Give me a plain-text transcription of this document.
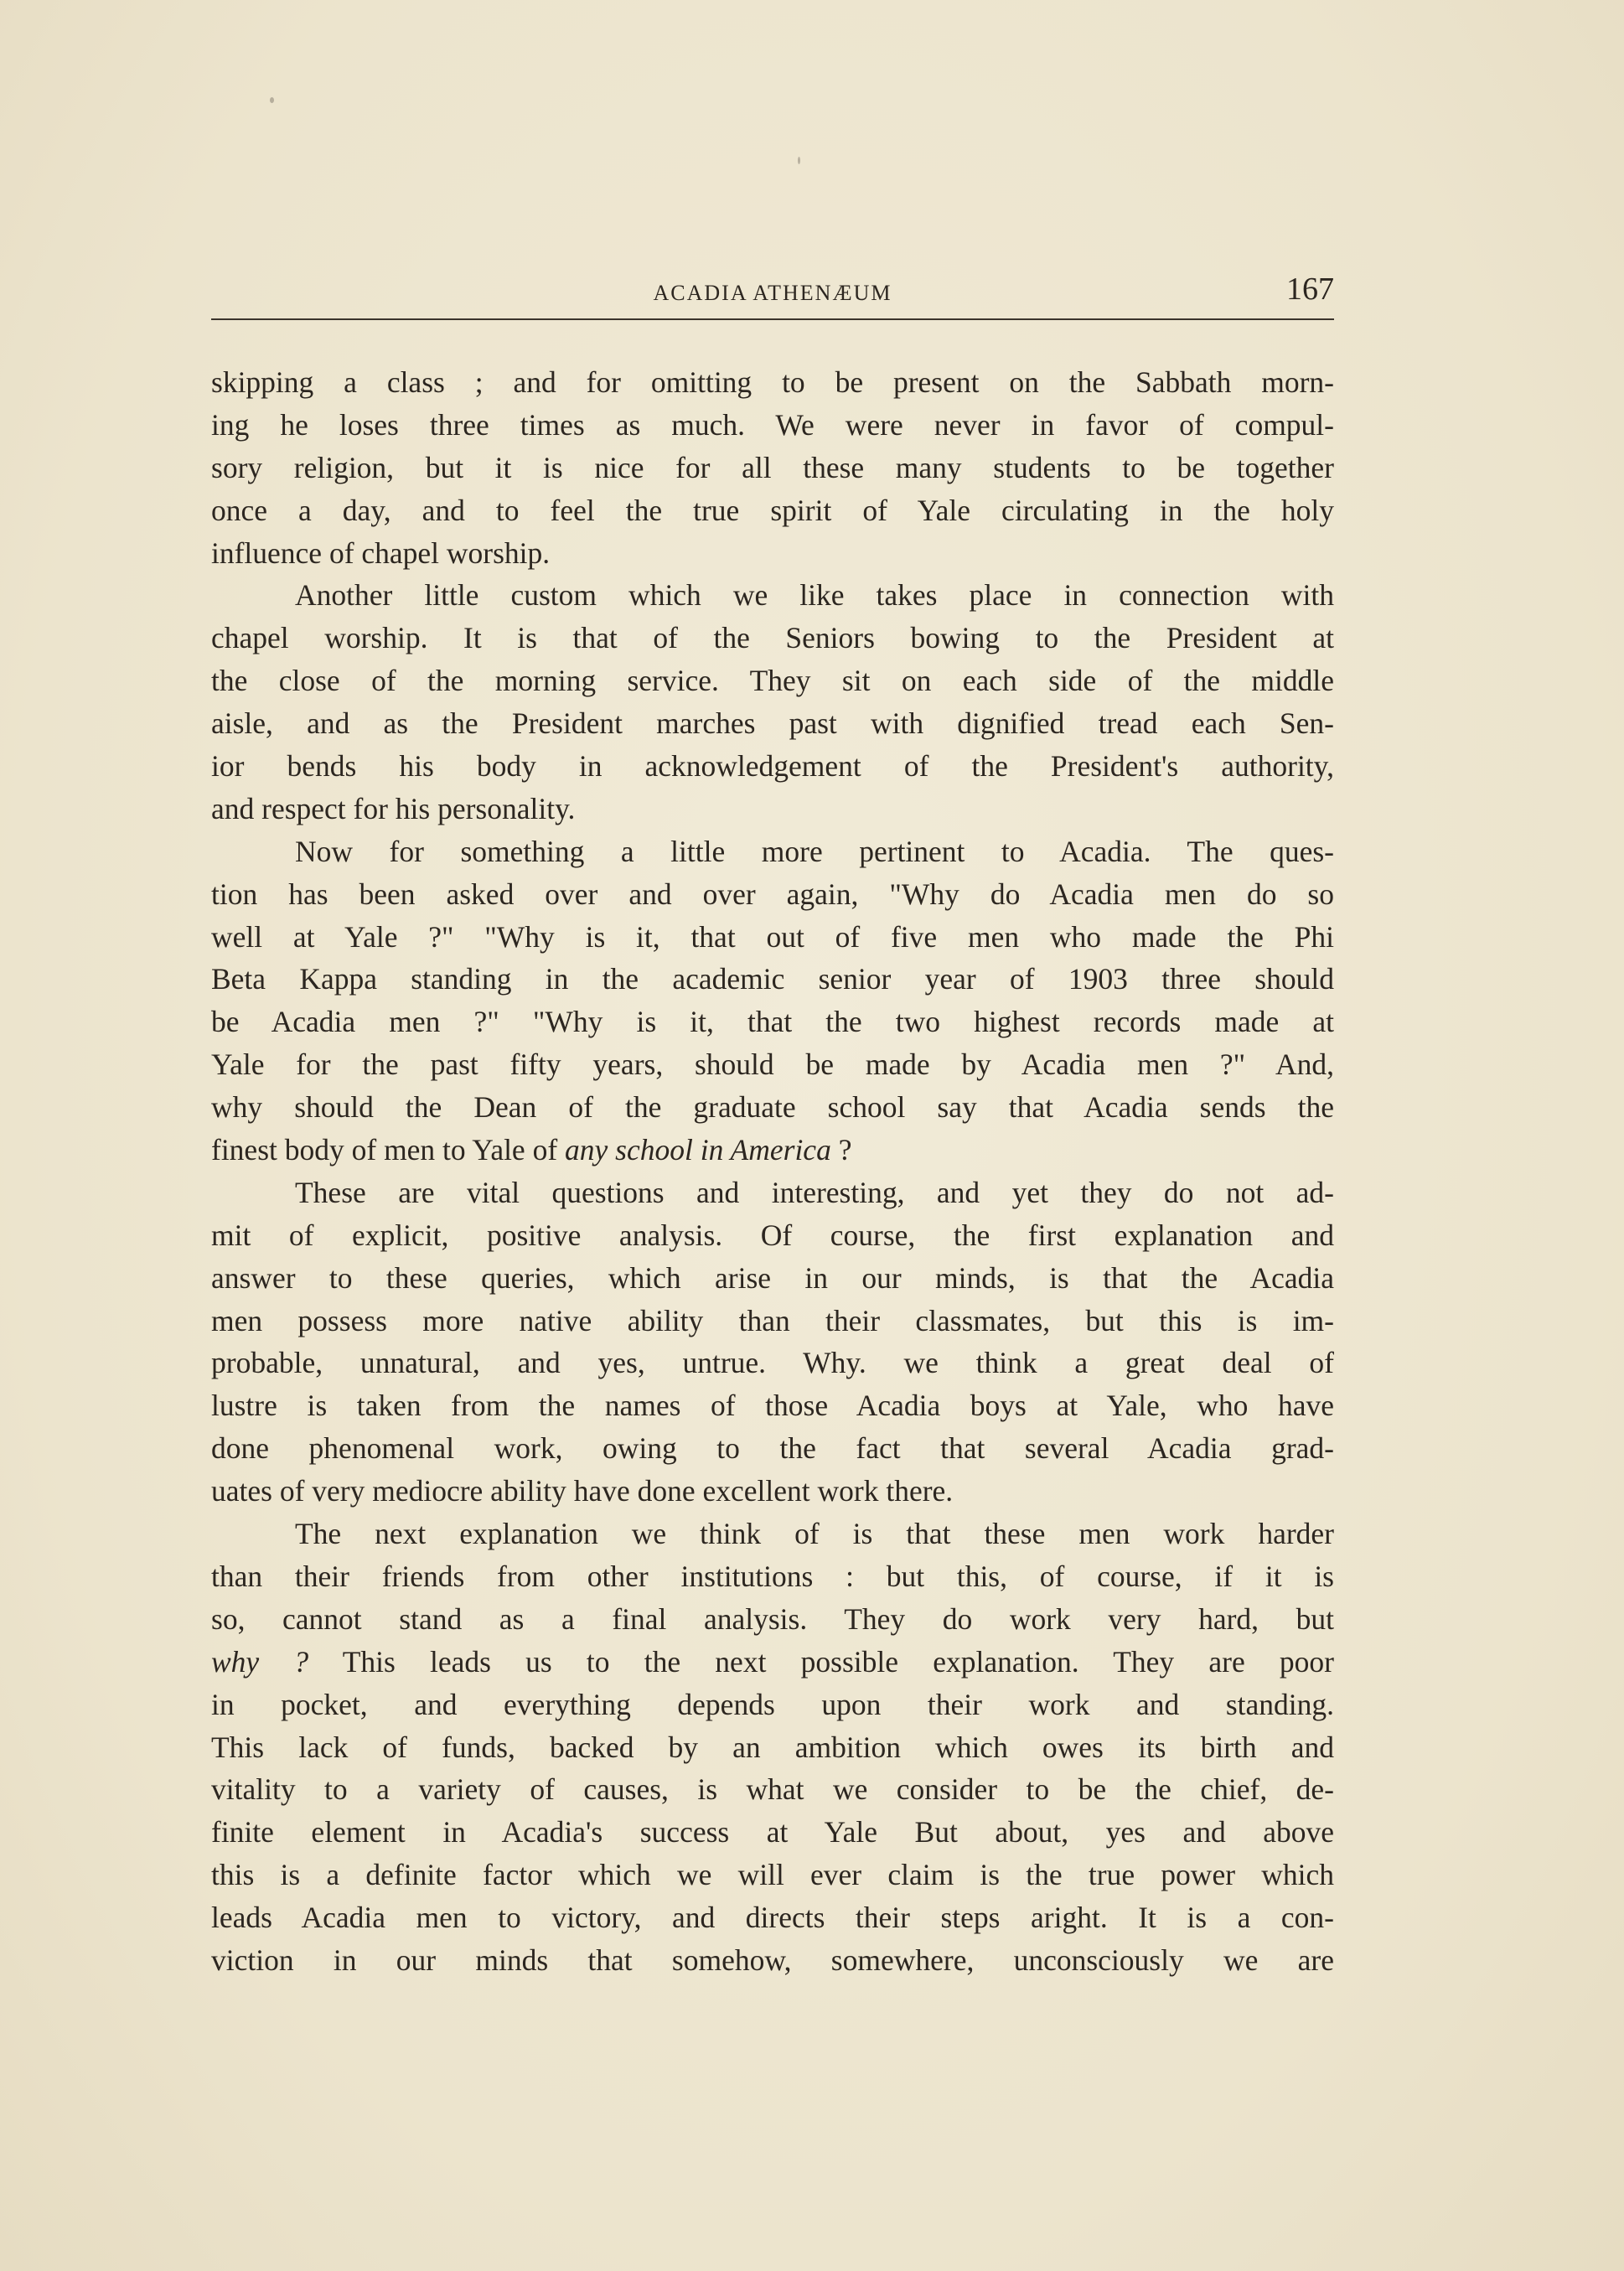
ACADIA ATHENÆUM	167
skipping a class ; and for omitting to be present on the Sabbath morn-
ing he loses three times as much. We were never in favor of compul-
sory religion, but it is nice for all these many students to be together
once a day, and to feel the true spirit of Yale circulating in the holy
influence of chapel worship.
Another little custom which we like takes place in connection with
chapel worship. It is that of the Seniors bowing to the President at
the close of the morning service. They sit on each side of the middle
aisle, and as the President marches past with dignified tread each Sen-
ior bends his body in acknowledgement of the President's authority,
and respect for his personality.
Now for something a little more pertinent to Acadia. The ques-
tion has been asked over and over again, "Why do Acadia men do so
well at Yale ?" "Why is it, that out of five men who made the Phi
Beta Kappa standing in the academic senior year of 1903 three should
be Acadia men ?" "Why is it, that the two highest records made at
Yale for the past fifty years, should be made by Acadia men ?" And,
why should the Dean of the graduate school say that Acadia sends the
finest body of men to Yale of any school in America ?
These are vital questions and interesting, and yet they do not ad-
mit of explicit, positive analysis. Of course, the first explanation and
answer to these queries, which arise in our minds, is that the Acadia
men possess more native ability than their classmates, but this is im-
probable, unnatural, and yes, untrue. Why. we think a great deal of
lustre is taken from the names of those Acadia boys at Yale, who have
done phenomenal work, owing to the fact that several Acadia grad-
uates of very mediocre ability have done excellent work there.
The next explanation we think of is that these men work harder
than their friends from other institutions : but this, of course, if it is
so, cannot stand as a final analysis. They do work very hard, but
why ? This leads us to the next possible explanation. They are poor
in pocket, and everything depends upon their work and standing.
This lack of funds, backed by an ambition which owes its birth and
vitality to a variety of causes, is what we consider to be the chief, de-
finite element in Acadia's success at Yale But about, yes and above
this is a definite factor which we will ever claim is the true power which
leads Acadia men to victory, and directs their steps aright. It is a con-
viction in our minds that somehow, somewhere, unconsciously we are
